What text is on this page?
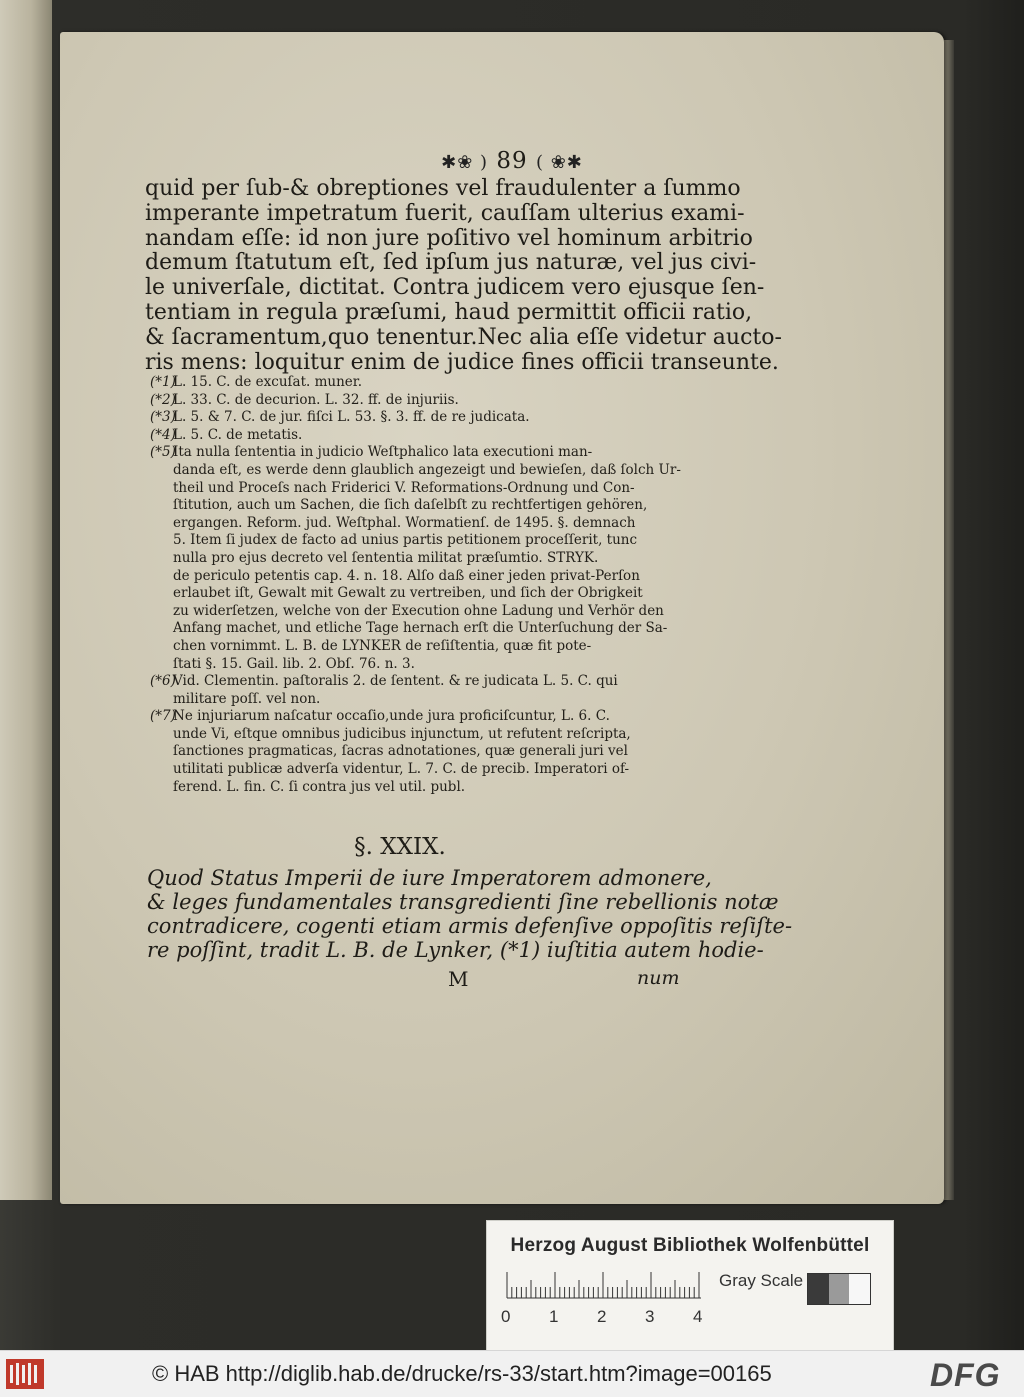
✱❀ ) 89 ( ❀✱
quid per ſub-& obreptiones vel fraudulenter a ſummo
imperante impetratum fuerit, cauſſam ulterius exami-
nandam eſſe: id non jure poſitivo vel hominum arbitrio
demum ſtatutum eſt, ſed ipſum jus naturæ, vel jus civi-
le univerſale, dictitat. Contra judicem vero ejusque ſen-
tentiam in regula præſumi, haud permittit officii ratio,
& ſacramentum,quo tenentur.Nec alia eſſe videtur aucto-
ris mens: loquitur enim de judice fines officii transeunte.
(*1)
L. 15. C. de excuſat. muner.
(*2)
L. 33. C. de decurion. L. 32. ff. de injuriis.
(*3)
L. 5. & 7. C. de jur. fiſci L. 53. §. 3. ff. de re judicata.
(*4)
L. 5. C. de metatis.
(*5)
Ita nulla ſententia in judicio Weſtphalico lata executioni man-
danda eſt, es werde denn glaublich angezeigt und bewieſen, daß ſolch Ur-
theil und Proceſs nach Friderici V. Reformations-Ordnung und Con-
ſtitution, auch um Sachen, die ſich daſelbſt zu rechtfertigen gehören,
ergangen. Reform. jud. Weſtphal. Wormatienſ. de 1495. §. demnach
5. Item ſi judex de facto ad unius partis petitionem proceſſerit, tunc
nulla pro ejus decreto vel ſententia militat præſumtio. STRYK.
de periculo petentis cap. 4. n. 18. Alſo daß einer jeden privat-Perſon
erlaubet iſt, Gewalt mit Gewalt zu vertreiben, und ſich der Obrigkeit
zu widerſetzen, welche von der Execution ohne Ladung und Verhör den
Anfang machet, und etliche Tage hernach erſt die Unterſuchung der Sa-
chen vornimmt. L. B. de LYNKER de reſiſtentia, quæ fit pote-
ſtati §. 15. Gail. lib. 2. Obſ. 76. n. 3.
(*6)
Vid. Clementin. paſtoralis 2. de ſentent. & re judicata L. 5. C. qui
militare poſſ. vel non.
(*7)
Ne injuriarum naſcatur occaſio,unde jura proficiſcuntur, L. 6. C.
unde Vi, eſtque omnibus judicibus injunctum, ut refutent reſcripta,
ſanctiones pragmaticas, ſacras adnotationes, quæ generali juri vel
utilitati publicæ adverſa videntur, L. 7. C. de precib. Imperatori of-
ferend. L. fin. C. ſi contra jus vel util. publ.
§. XXIX.
Quod Status Imperii de iure Imperatorem admonere,
& leges fundamentales transgredienti ſine rebellionis notæ
contradicere, cogenti etiam armis defenſive oppoſitis reſiſte-
re poſſint, tradit L. B. de Lynker, (*1) iuſtitia autem hodie-
M	num
Herzog August Bibliothek Wolfenbüttel
0 1 2 3 4
Gray Scale
© HAB http://diglib.hab.de/drucke/rs-33/start.htm?image=00165	DFG
